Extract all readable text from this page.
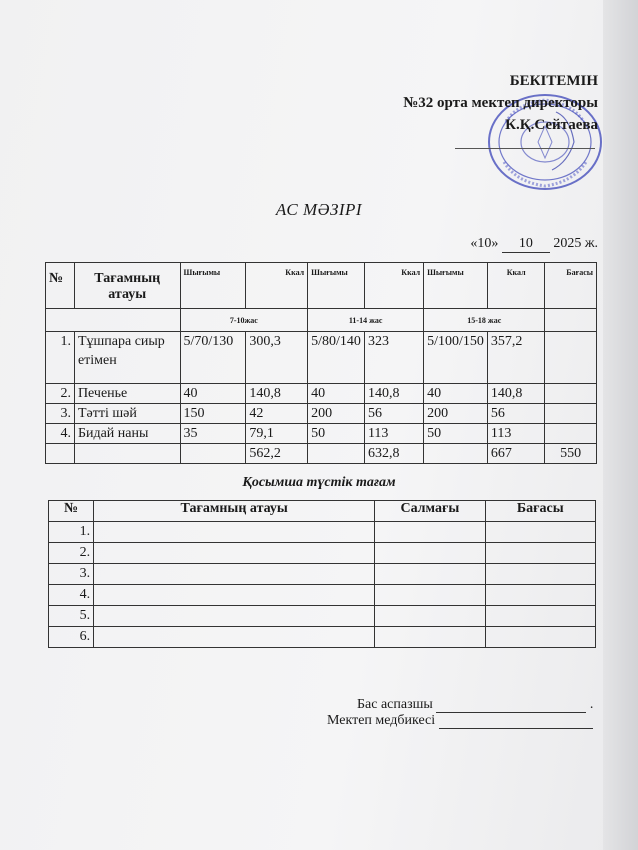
БЕКІТЕМІН
№32 орта мектеп директоры
К.Қ.Сейтаева
АС МӘЗІРІ
«10» 10 2025 ж.
№	Тағамның атауы	Шығымы	Ккал	Шығымы	Ккал	Шығымы	Ккал	Бағасы
		7-10жас		11-14 жас		15-18 жас		
1.	Тұшпара сиыр етімен	5/70/130	300,3	5/80/140	323	5/100/150	357,2	
2.	Печенье	40	140,8	40	140,8	40	140,8	
3.	Тәтті шәй	150	42	200	56	200	56	
4.	Бидай наны	35	79,1	50	113	50	113	
			562,2		632,8		667	550
Қосымша түстік тағам
№	Тағамның атауы	Салмағы	Бағасы
1.			
2.			
3.			
4.			
5.			
6.			
Бас аспазшы	.
Мектеп медбикесі
